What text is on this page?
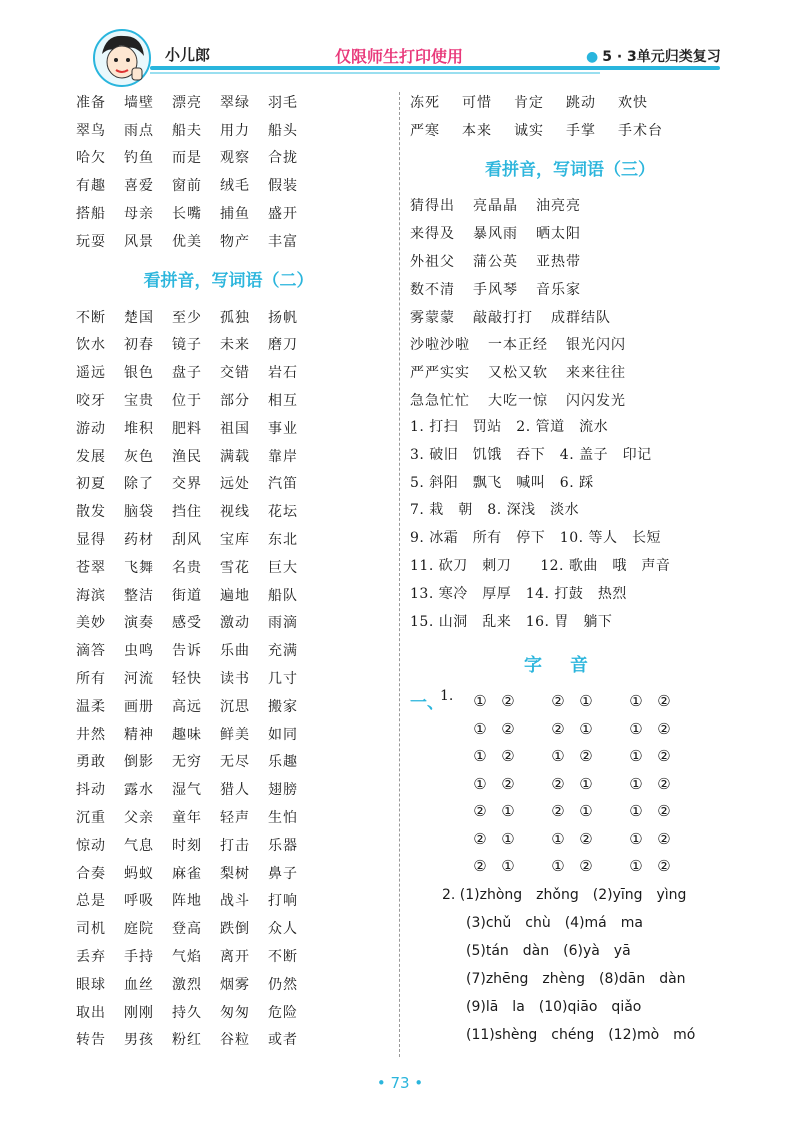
小儿郎	仅限师生打印使用	● 5 · 3单元归类复习
准备	墙壁	漂亮	翠绿	羽毛
翠鸟	雨点	船夫	用力	船头
哈欠	钓鱼	而是	观察	合拢
有趣	喜爱	窗前	绒毛	假装
搭船	母亲	长嘴	捕鱼	盛开
玩耍	风景	优美	物产	丰富
看拼音，写词语（二）
不断	楚国	至少	孤独	扬帆
饮水	初春	镜子	未来	磨刀
遥远	银色	盘子	交错	岩石
咬牙	宝贵	位于	部分	相互
游动	堆积	肥料	祖国	事业
发展	灰色	渔民	满载	靠岸
初夏	除了	交界	远处	汽笛
散发	脑袋	挡住	视线	花坛
显得	药材	刮风	宝库	东北
苍翠	飞舞	名贵	雪花	巨大
海滨	整洁	街道	遍地	船队
美妙	演奏	感受	激动	雨滴
滴答	虫鸣	告诉	乐曲	充满
所有	河流	轻快	读书	几寸
温柔	画册	高远	沉思	搬家
井然	精神	趣味	鲜美	如同
勇敢	倒影	无穷	无尽	乐趣
抖动	露水	湿气	猎人	翅膀
沉重	父亲	童年	轻声	生怕
惊动	气息	时刻	打击	乐器
合奏	蚂蚁	麻雀	梨树	鼻子
总是	呼吸	阵地	战斗	打响
司机	庭院	登高	跌倒	众人
丢弃	手持	气焰	离开	不断
眼球	血丝	激烈	烟雾	仍然
取出	刚刚	持久	匆匆	危险
转告	男孩	粉红	谷粒	或者
冻死	可惜	肯定	跳动	欢快
严寒	本来	诚实	手掌	手术台
看拼音，写词语（三）
猜得出 亮晶晶 油亮亮
来得及 暴风雨 晒太阳
外祖父 蒲公英 亚热带
数不清 手风琴 音乐家
雾蒙蒙 敲敲打打 成群结队
沙啦沙啦 一本正经 银光闪闪
严严实实 又松又软 来来往往
急急忙忙 大吃一惊 闪闪发光
1. 打扫　罚站　2. 管道　流水
3. 破旧　饥饿　吞下　4. 盖子　印记
5. 斜阳　飘飞　喊叫　6. 踩
7. 栽　朝　8. 深浅　淡水
9. 冰霜　所有　停下　10. 等人　长短
11. 砍刀　刺刀　　12. 歌曲　哦　声音
13. 寒冷　厚厚　14. 打鼓　热烈
15. 山洞　乱来　16. 胃　躺下
字音
一、
1.	① ② ② ① ① ②
① ② ② ① ① ②
① ② ① ② ① ②
① ② ② ① ① ②
② ① ② ① ① ②
② ① ① ② ① ②
② ① ① ② ① ②
2. (1)zhòng　zhǒng　(2)yīng　yìng
(3)chǔ　chù　(4)má　ma
(5)tán　dàn　(6)yà　yā
(7)zhēng　zhèng　(8)dān　dàn
(9)lā　la　(10)qiāo　qiǎo
(11)shèng　chéng　(12)mò　mó
• 73 •
